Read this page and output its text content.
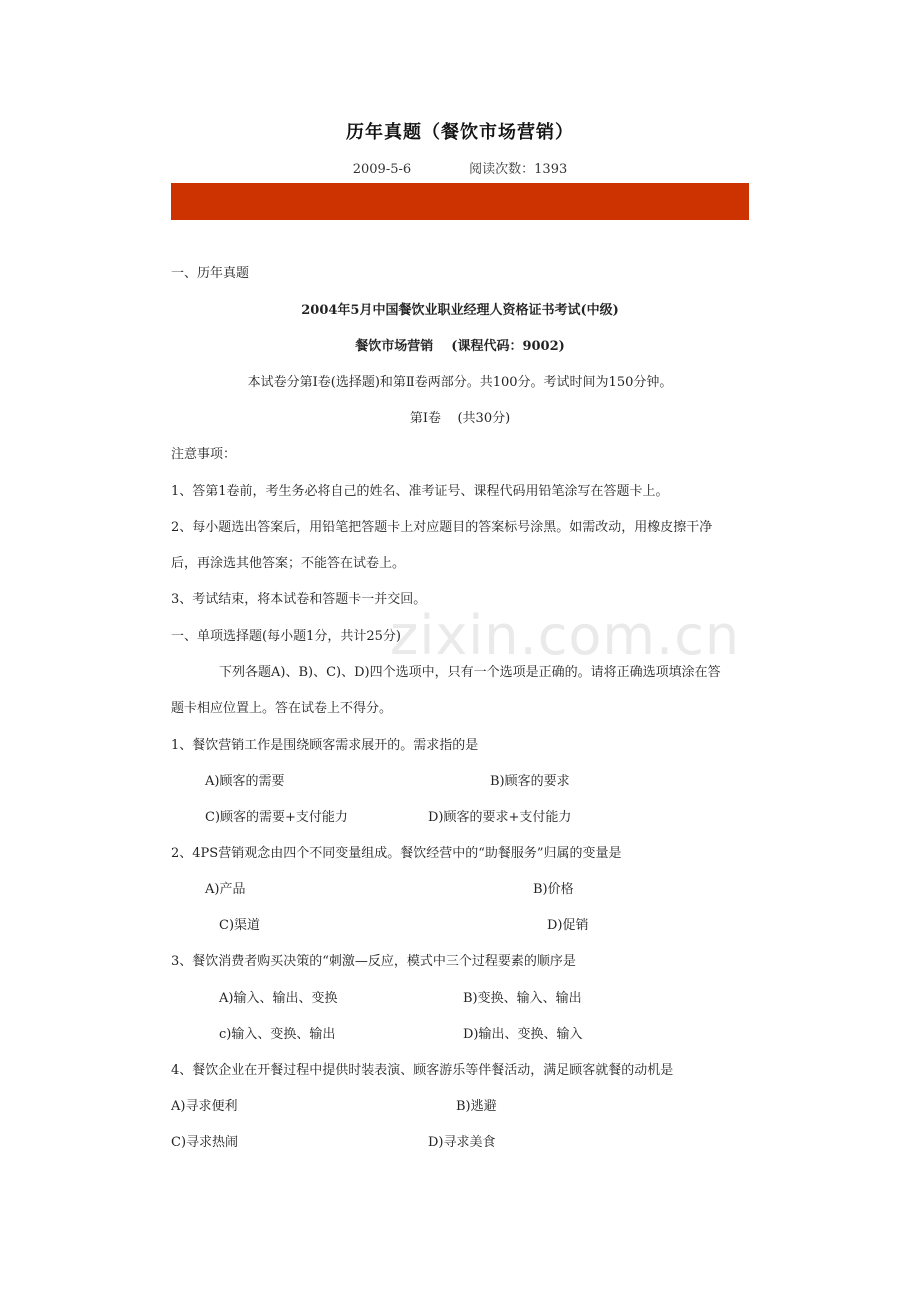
历年真题（餐饮市场营销）
2009-5-6	阅读次数：1393
一、历年真题
2004年5月中国餐饮业职业经理人资格证书考试(中级)
餐饮市场营销    (课程代码：9002)
本试卷分第Ⅰ卷(选择题)和第Ⅱ卷两部分。共100分。考试时间为150分钟。
第Ⅰ卷    (共30分)
注意事项：
1、答第1卷前，考生务必将自己的姓名、准考证号、课程代码用铅笔涂写在答题卡上。
2、每小题选出答案后，用铅笔把答题卡上对应题目的答案标号涂黑。如需改动，用橡皮擦干净
后，再涂选其他答案；不能答在试卷上。
3、考试结束，将本试卷和答题卡一并交回。
一、单项选择题(每小题1分，共计25分)
下列各题A)、B)、C)、D)四个选项中，只有一个选项是正确的。请将正确选项填涂在答
题卡相应位置上。答在试卷上不得分。
1、餐饮营销工作是围绕顾客需求展开的。需求指的是
A)顾客的需要	B)顾客的要求
C)顾客的需要+支付能力	D)顾客的要求+支付能力
2、4PS营销观念由四个不同变量组成。餐饮经营中的“助餐服务”归属的变量是
A)产品	B)价格
C)渠道	D)促销
3、餐饮消费者购买决策的“刺激—反应，模式中三个过程要素的顺序是
A)输入、输出、变换	B)变换、输入、输出
c)输入、变换、输出	D)输出、变换、输入
4、餐饮企业在开餐过程中提供时装表演、顾客游乐等伴餐活动，满足顾客就餐的动机是
A)寻求便利	B)逃避
C)寻求热闹	D)寻求美食
zixin.com.cn
